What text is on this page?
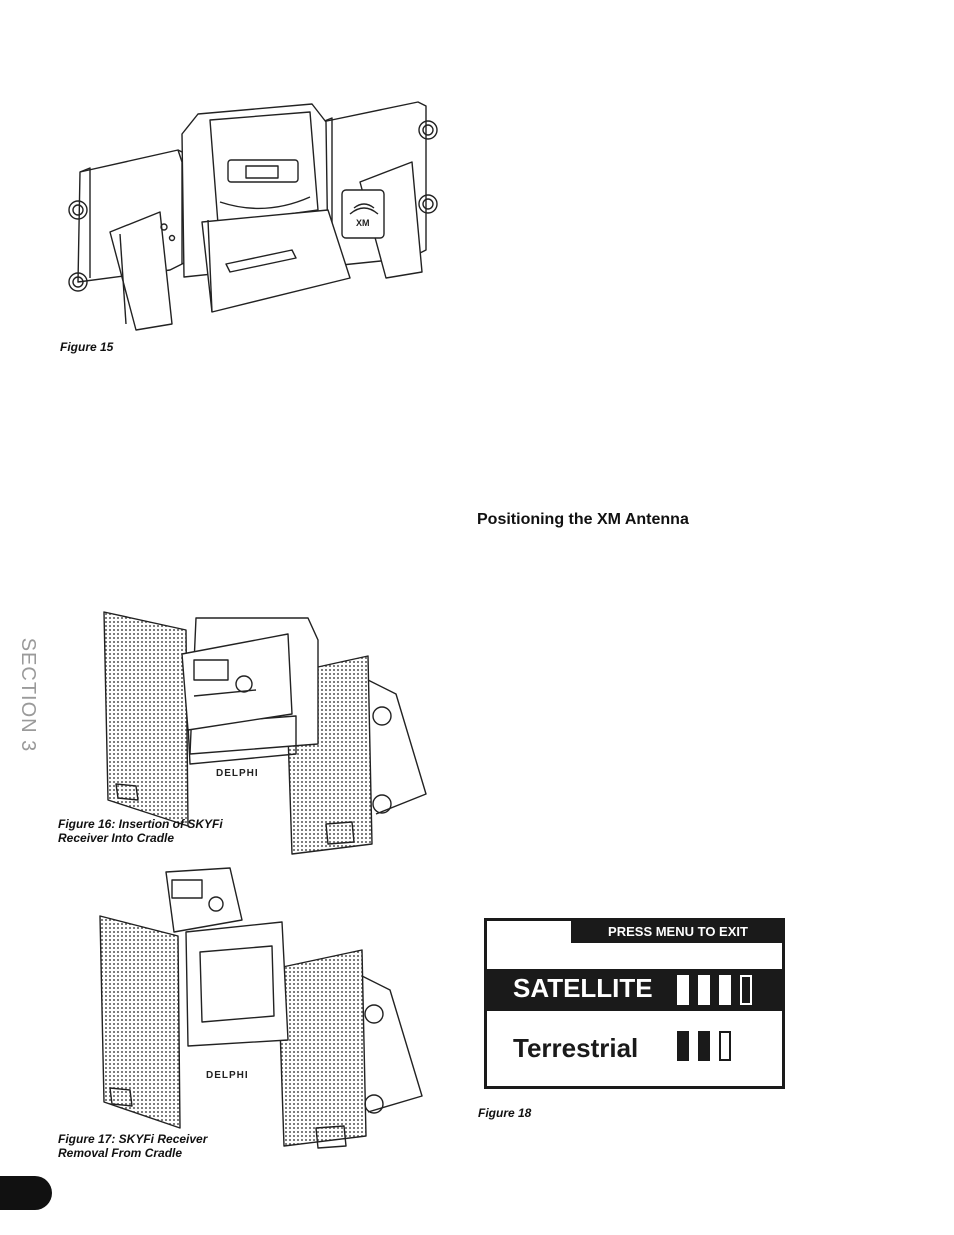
XM
Figure 15
SECTION 3
Positioning the XM Antenna
DELPHI
Figure 16: Insertion of SKYFi
Receiver Into Cradle
DELPHI
Figure 17: SKYFi Receiver
Removal From Cradle
PRESS MENU TO EXIT
SATELLITE
Terrestrial
Figure 18
